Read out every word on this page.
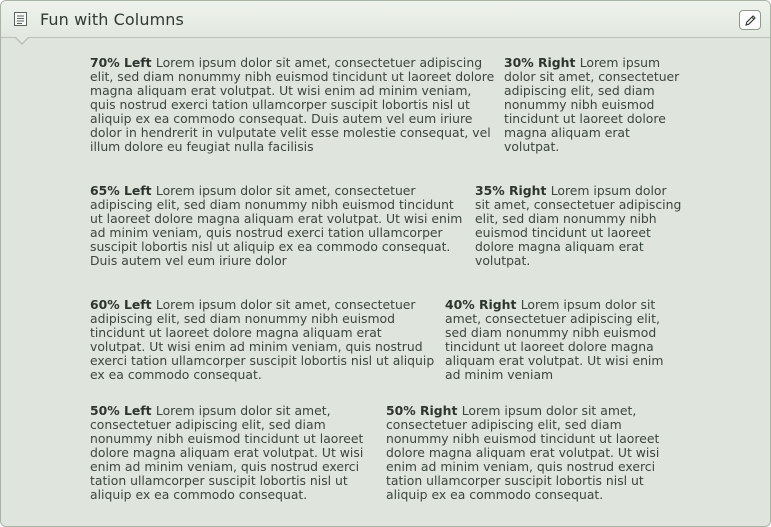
Fun with Columns
70% Left Lorem ipsum dolor sit amet, consectetuer adipiscing elit, sed diam nonummy nibh euismod tincidunt ut laoreet dolore magna aliquam erat volutpat. Ut wisi enim ad minim veniam, quis nostrud exerci tation ullamcorper suscipit lobortis nisl ut aliquip ex ea commodo consequat. Duis autem vel eum iriure dolor in hendrerit in vulputate velit esse molestie consequat, vel illum dolore eu feugiat nulla facilisis
30% Right Lorem ipsum dolor sit amet, consectetuer adipiscing elit, sed diam nonummy nibh euismod tincidunt ut laoreet dolore magna aliquam erat volutpat.
65% Left Lorem ipsum dolor sit amet, consectetuer adipiscing elit, sed diam nonummy nibh euismod tincidunt ut laoreet dolore magna aliquam erat volutpat. Ut wisi enim ad minim veniam, quis nostrud exerci tation ullamcorper suscipit lobortis nisl ut aliquip ex ea commodo consequat. Duis autem vel eum iriure dolor
35% Right Lorem ipsum dolor sit amet, consectetuer adipiscing elit, sed diam nonummy nibh euismod tincidunt ut laoreet dolore magna aliquam erat volutpat.
60% Left Lorem ipsum dolor sit amet, consectetuer adipiscing elit, sed diam nonummy nibh euismod tincidunt ut laoreet dolore magna aliquam erat volutpat. Ut wisi enim ad minim veniam, quis nostrud exerci tation ullamcorper suscipit lobortis nisl ut aliquip ex ea commodo consequat.
40% Right Lorem ipsum dolor sit amet, consectetuer adipiscing elit, sed diam nonummy nibh euismod tincidunt ut laoreet dolore magna aliquam erat volutpat. Ut wisi enim ad minim veniam
50% Left Lorem ipsum dolor sit amet, consectetuer adipiscing elit, sed diam nonummy nibh euismod tincidunt ut laoreet dolore magna aliquam erat volutpat. Ut wisi enim ad minim veniam, quis nostrud exerci tation ullamcorper suscipit lobortis nisl ut aliquip ex ea commodo consequat.
50% Right Lorem ipsum dolor sit amet, consectetuer adipiscing elit, sed diam nonummy nibh euismod tincidunt ut laoreet dolore magna aliquam erat volutpat. Ut wisi enim ad minim veniam, quis nostrud exerci tation ullamcorper suscipit lobortis nisl ut aliquip ex ea commodo consequat.
